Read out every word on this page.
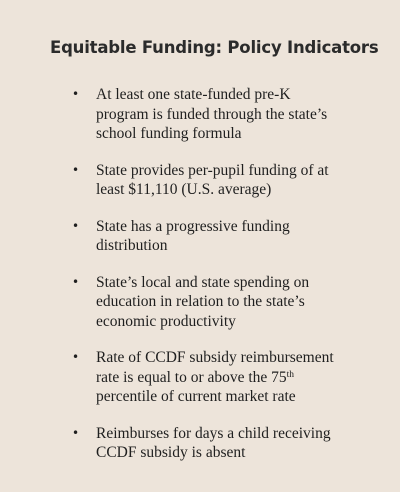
Equitable Funding: Policy Indicators
• At least one state-funded pre-K
program is funded through the state’s
school funding formula
• State provides per-pupil funding of at
least $11,110 (U.S. average)
• State has a progressive funding
distribution
• State’s local and state spending on
education in relation to the state’s
economic productivity
• Rate of CCDF subsidy reimbursement
rate is equal to or above the 75th
percentile of current market rate
• Reimburses for days a child receiving
CCDF subsidy is absent
